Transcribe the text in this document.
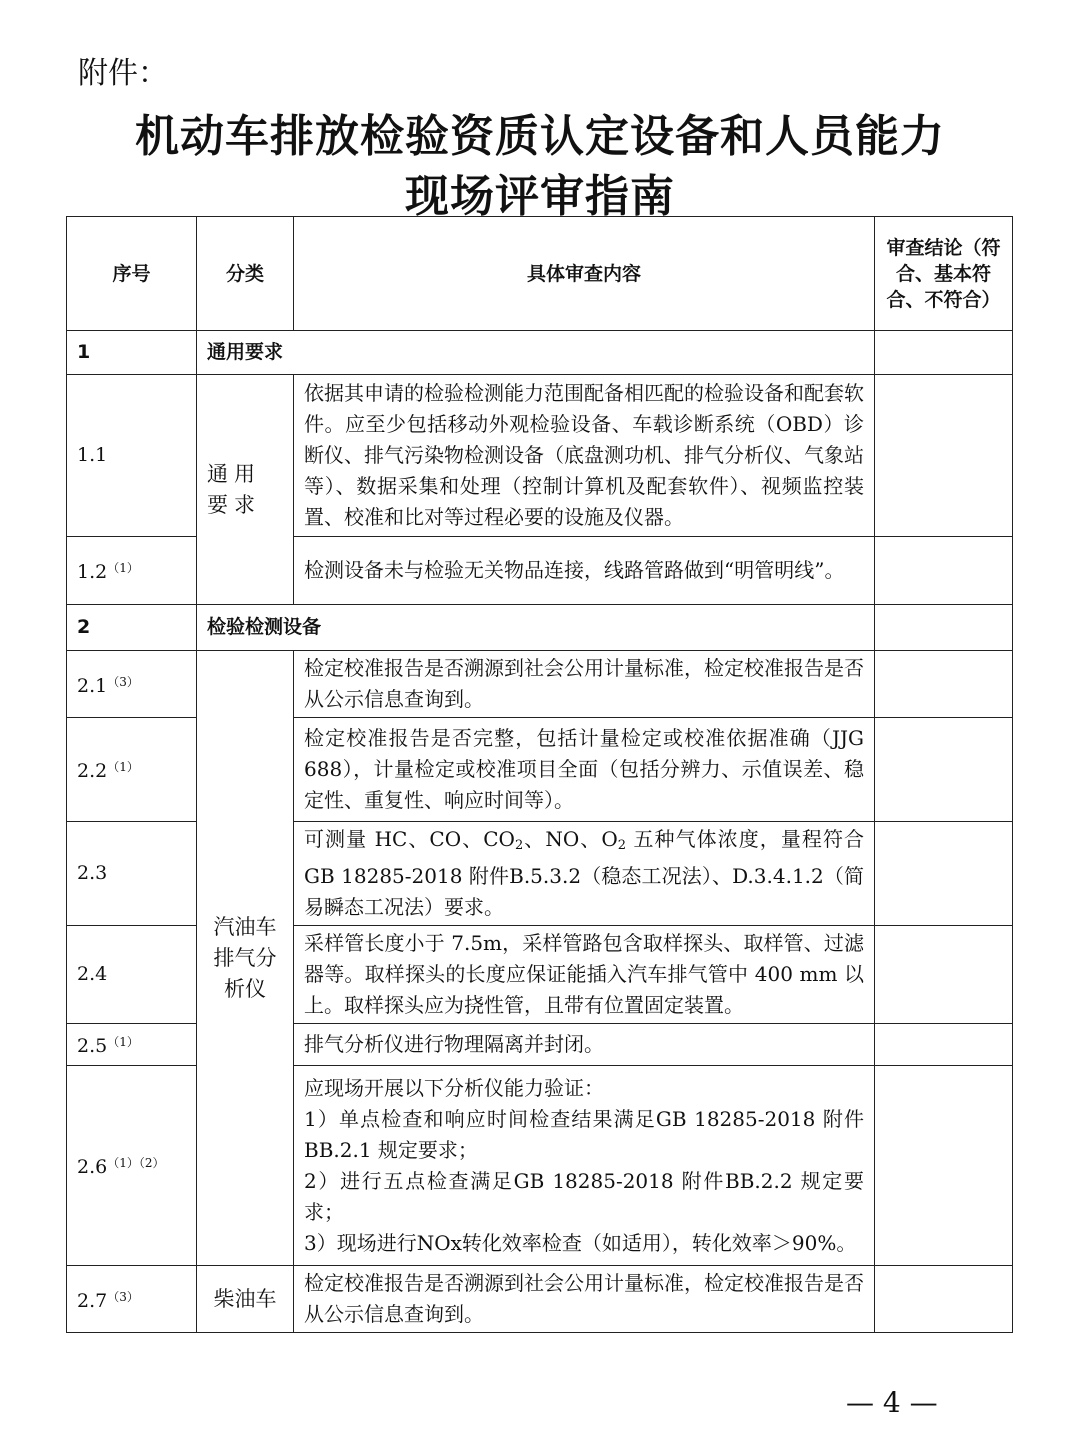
附件：
机动车排放检验资质认定设备和人员能力
现场评审指南
序号	分类	具体审查内容	审查结论（符合、基本符合、不符合）
1	通用要求		
1.1	通用要求	依据其申请的检验检测能力范围配备相匹配的检验设备和配套软件。应至少包括移动外观检验设备、车载诊断系统（OBD）诊断仪、排气污染物检测设备（底盘测功机、排气分析仪、气象站等）、数据采集和处理（控制计算机及配套软件）、视频监控装置、校准和比对等过程必要的设施及仪器。	
$1.2^{(1)}$		检测设备未与检验无关物品连接，线路管路做到“明管明线”。	
2	检验检测设备		
$2.1^{(3)}$	汽油车排气分析仪	检定校准报告是否溯源到社会公用计量标准，检定校准报告是否从公示信息查询到。	
$2.2^{(1)}$		检定校准报告是否完整，包括计量检定或校准依据准确（JJG 688），计量检定或校准项目全面（包括分辨力、示值误差、稳定性、重复性、响应时间等）。	
2.3		可测量 HC、CO、$CO_2$、NO、$O_2$ 五种气体浓度，量程符合 GB 18285-2018 附件B.5.3.2（稳态工况法）、D.3.4.1.2（简易瞬态工况法）要求。	
2.4		采样管长度小于 7.5m，采样管路包含取样探头、取样管、过滤器等。取样探头的长度应保证能插入汽车排气管中 400 mm 以上。取样探头应为挠性管，且带有位置固定装置。	
$2.5^{(1)}$		排气分析仪进行物理隔离并封闭。	
$2.6^{(1)(2)}$		应现场开展以下分析仪能力验证：
1）单点检查和响应时间检查结果满足GB 18285-2018 附件BB.2.1 规定要求；
2）进行五点检查满足GB 18285-2018 附件BB.2.2 规定要求；
3）现场进行NOx转化效率检查（如适用），转化效率＞90%。	

$2.7^{(3)}$	柴油车	检定校准报告是否溯源到社会公用计量标准，检定校准报告是否从公示信息查询到。	
— 4 —
